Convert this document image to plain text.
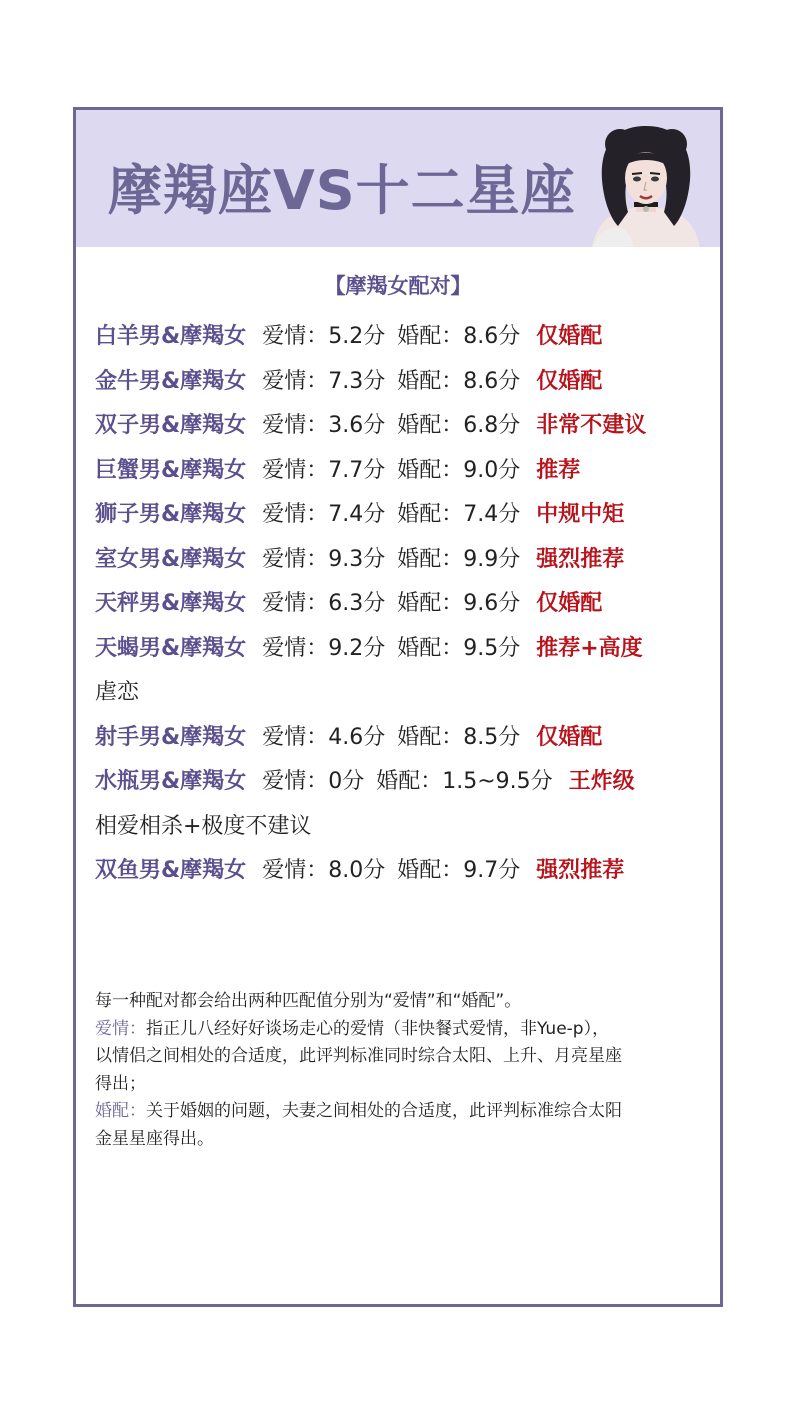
摩羯座VS十二星座
【摩羯女配对】
白羊男&摩羯女 爱情：5.2分 婚配：8.6分 仅婚配
金牛男&摩羯女 爱情：7.3分 婚配：8.6分 仅婚配
双子男&摩羯女 爱情：3.6分 婚配：6.8分 非常不建议
巨蟹男&摩羯女 爱情：7.7分 婚配：9.0分 推荐
狮子男&摩羯女 爱情：7.4分 婚配：7.4分 中规中矩
室女男&摩羯女 爱情：9.3分 婚配：9.9分 强烈推荐
天秤男&摩羯女 爱情：6.3分 婚配：9.6分 仅婚配
天蝎男&摩羯女 爱情：9.2分 婚配：9.5分 推荐+高度
虐恋
射手男&摩羯女 爱情：4.6分 婚配：8.5分 仅婚配
水瓶男&摩羯女 爱情：0分 婚配：1.5~9.5分 王炸级
相爱相杀+极度不建议
双鱼男&摩羯女 爱情：8.0分 婚配：9.7分 强烈推荐

每一种配对都会给出两种匹配值分别为“爱情”和“婚配”。

爱情：指正儿八经好好谈场走心的爱情（非快餐式爱情，非Yue-p），

以情侣之间相处的合适度，此评判标准同时综合太阳、上升、月亮星座

得出；

婚配：关于婚姻的问题，夫妻之间相处的合适度，此评判标准综合太阳

金星星座得出。
